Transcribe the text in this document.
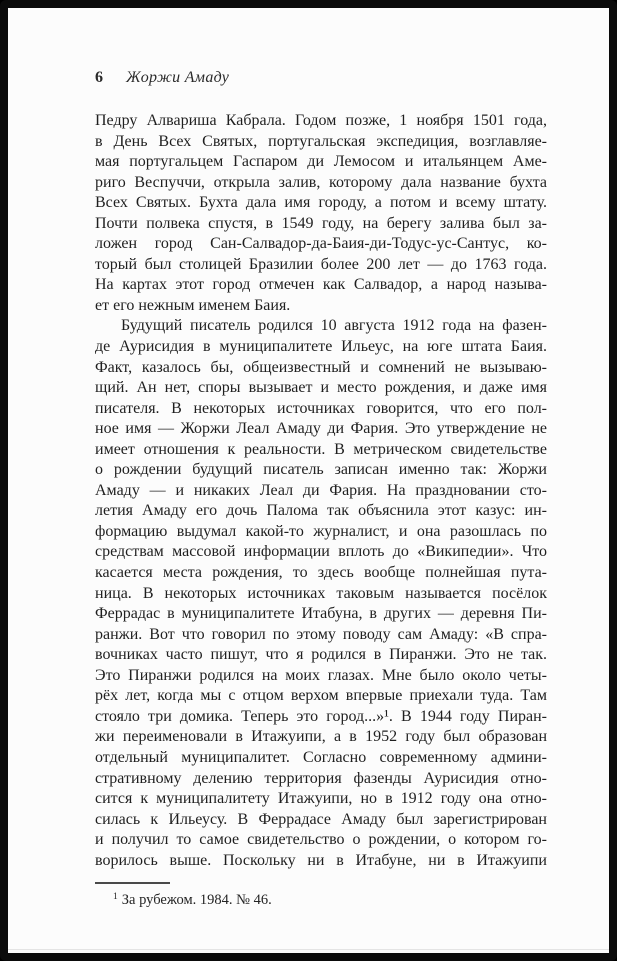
6	Жоржи Амаду
Педру Алвариша Кабрала. Годом позже, 1 ноября 1501 года,
в День Всех Святых, португальская экспедиция, возглавляе-
мая португальцем Гаспаром ди Лемосом и итальянцем Аме-
риго Веспуччи, открыла залив, которому дала название бухта
Всех Святых. Бухта дала имя городу, а потом и всему штату.
Почти полвека спустя, в 1549 году, на берегу залива был за-
ложен город Сан-Салвадор-да-Баия-ди-Тодус-ус-Сантус, ко-
торый был столицей Бразилии более 200 лет — до 1763 года.
На картах этот город отмечен как Салвадор, а народ называ-
ет его нежным именем Баия.
Будущий писатель родился 10 августа 1912 года на фазен-
де Аурисидия в муниципалитете Ильеус, на юге штата Баия.
Факт, казалось бы, общеизвестный и сомнений не вызываю-
щий. Ан нет, споры вызывает и место рождения, и даже имя
писателя. В некоторых источниках говорится, что его пол-
ное имя — Жоржи Леал Амаду ди Фария. Это утверждение не
имеет отношения к реальности. В метрическом свидетельстве
о рождении будущий писатель записан именно так: Жоржи
Амаду — и никаких Леал ди Фария. На праздновании сто-
летия Амаду его дочь Палома так объяснила этот казус: ин-
формацию выдумал какой-то журналист, и она разошлась по
средствам массовой информации вплоть до «Википедии». Что
касается места рождения, то здесь вообще полнейшая пута-
ница. В некоторых источниках таковым называется посёлок
Феррадас в муниципалитете Итабуна, в других — деревня Пи-
ранжи. Вот что говорил по этому поводу сам Амаду: «В спра-
вочниках часто пишут, что я родился в Пиранжи. Это не так.
Это Пиранжи родился на моих глазах. Мне было около четы-
рёх лет, когда мы с отцом верхом впервые приехали туда. Там
стояло три домика. Теперь это город...»¹. В 1944 году Пиран-
жи переименовали в Итажуипи, а в 1952 году был образован
отдельный муниципалитет. Согласно современному админи-
стративному делению территория фазенды Аурисидия отно-
сится к муниципалитету Итажуипи, но в 1912 году она отно-
силась к Ильеусу. В Феррадасе Амаду был зарегистрирован
и получил то самое свидетельство о рождении, о котором го-
ворилось выше. Поскольку ни в Итабуне, ни в Итажуипи
$^1$ За рубежом. 1984. № 46.
